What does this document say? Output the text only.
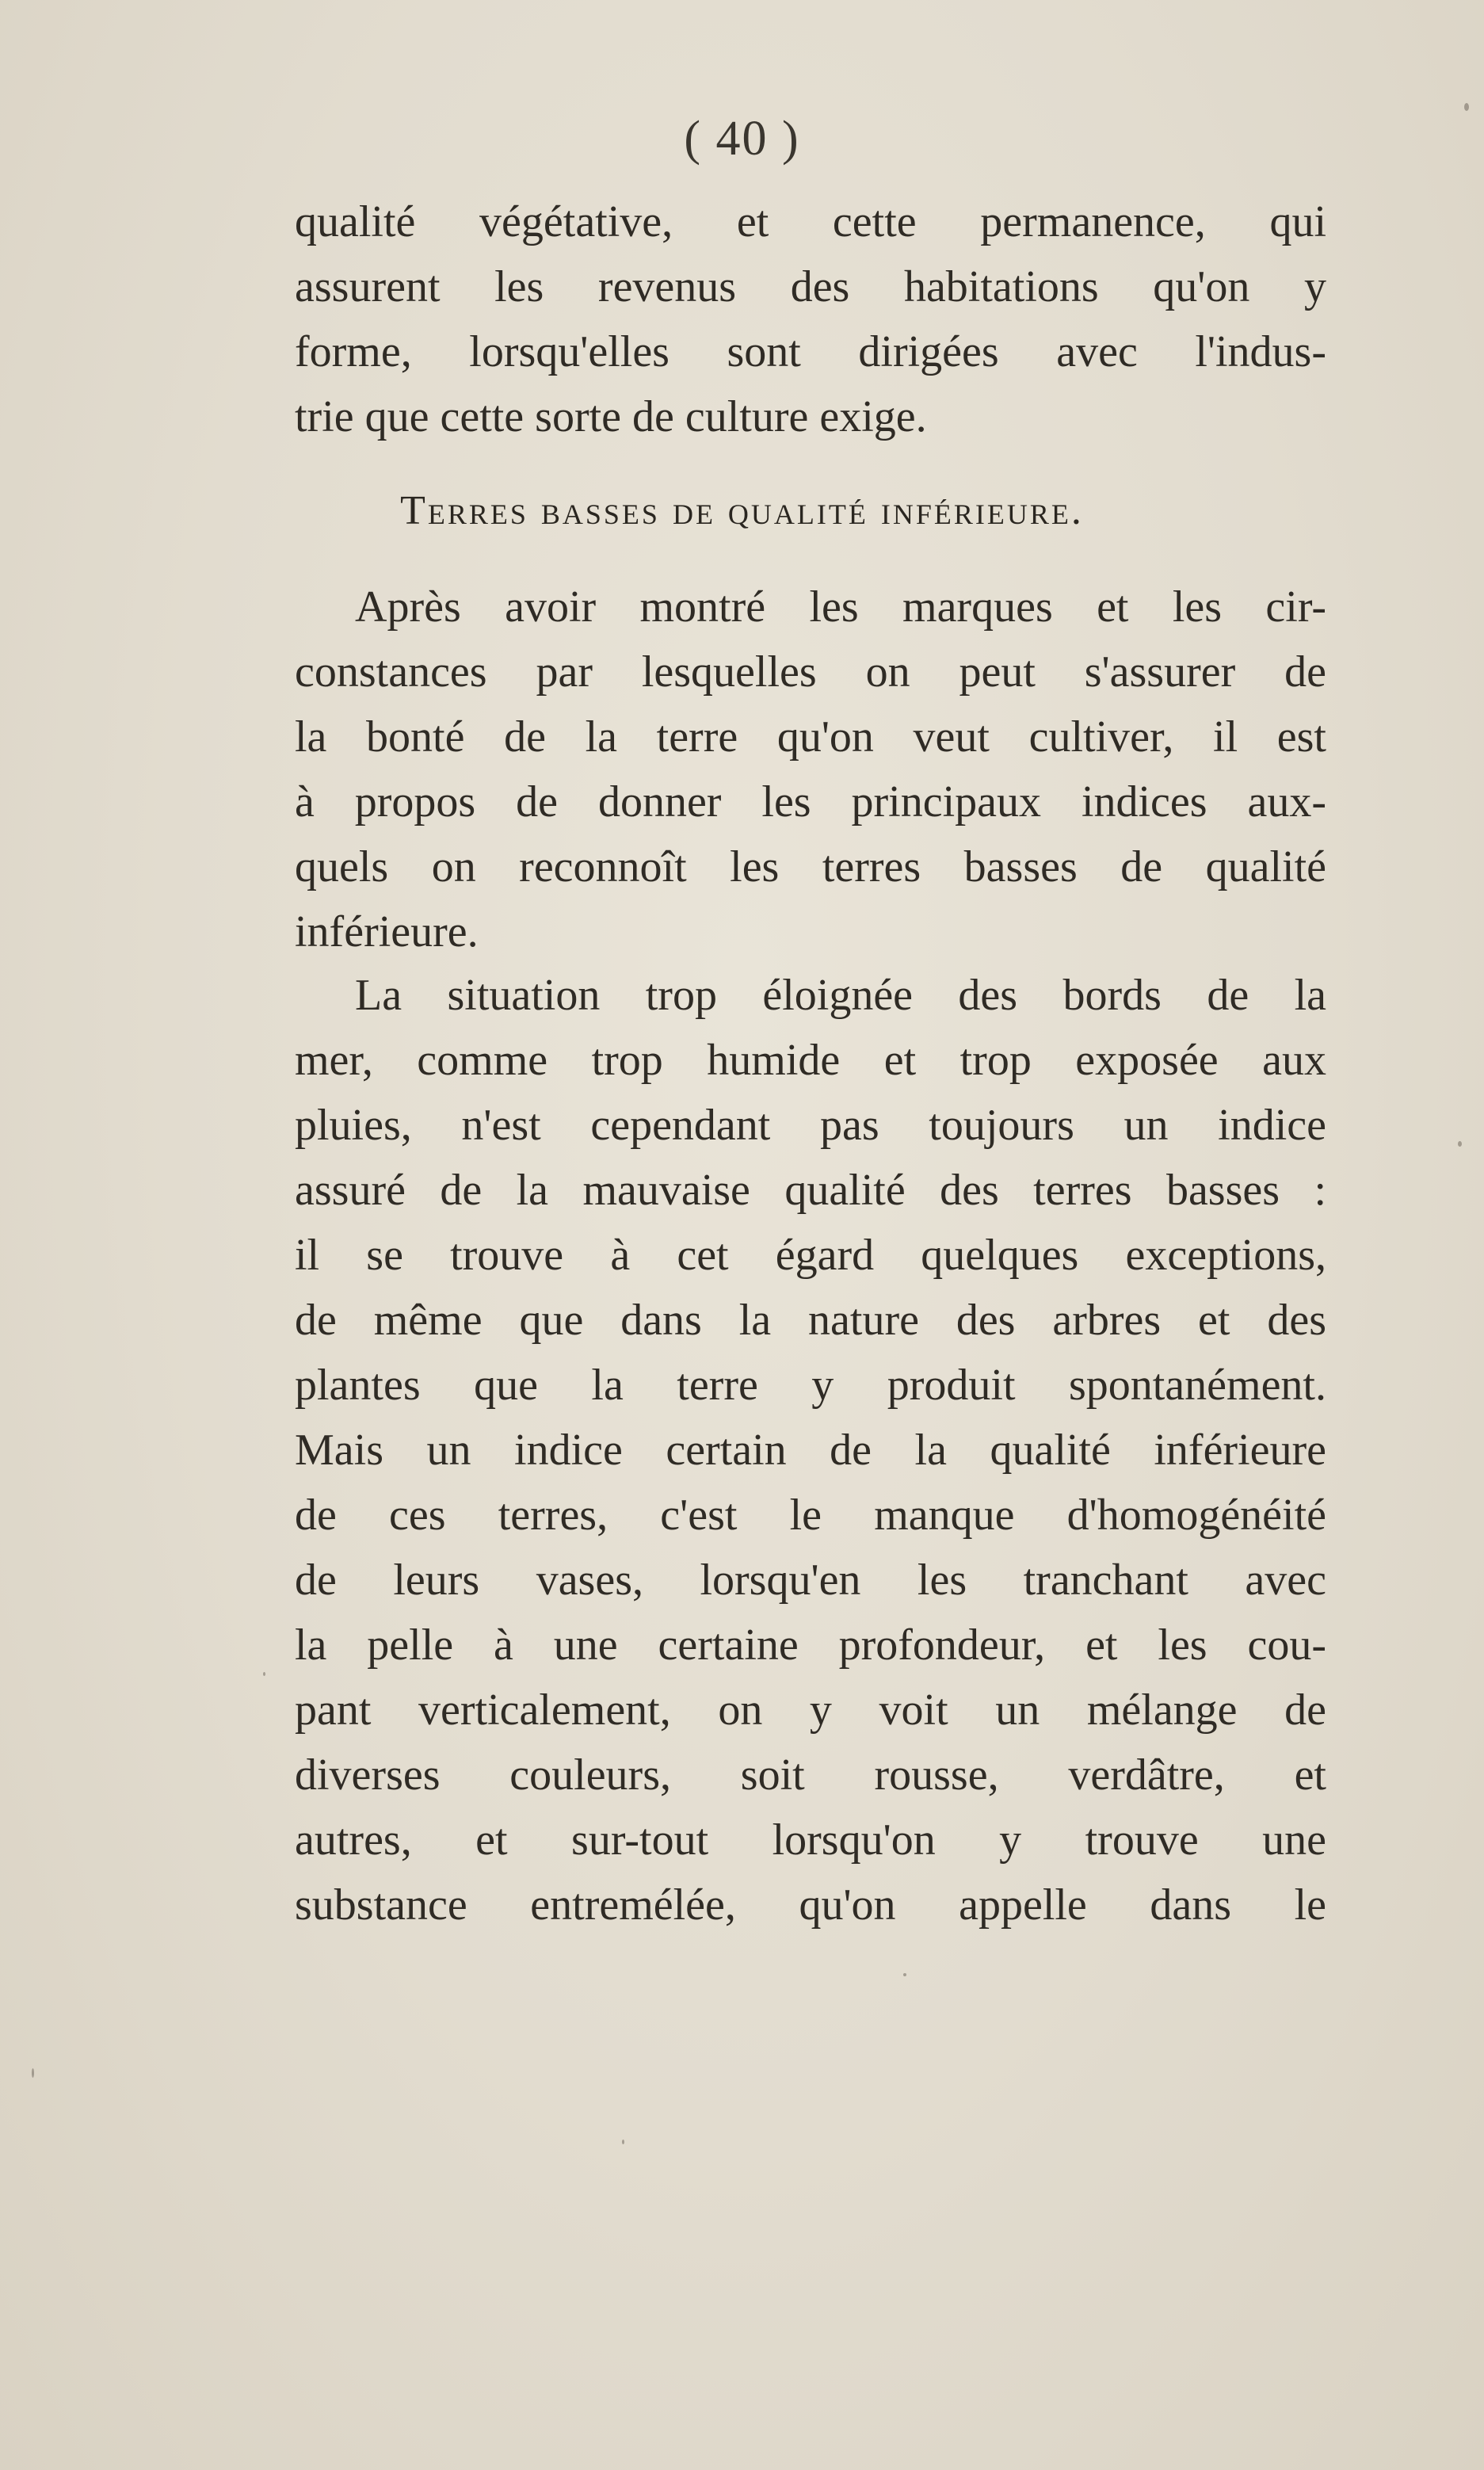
( 40 )
qualité végétative, et cette permanence, qui
assurent les revenus des habitations qu'on y
forme, lorsqu'elles sont dirigées avec l'indus-
trie que cette sorte de culture exige.
Terres basses de qualité inférieure.
Après avoir montré les marques et les cir-
constances par lesquelles on peut s'assurer de
la bonté de la terre qu'on veut cultiver, il est
à propos de donner les principaux indices aux-
quels on reconnoît les terres basses de qualité
inférieure.
La situation trop éloignée des bords de la
mer, comme trop humide et trop exposée aux
pluies, n'est cependant pas toujours un indice
assuré de la mauvaise qualité des terres basses :
il se trouve à cet égard quelques exceptions,
de même que dans la nature des arbres et des
plantes que la terre y produit spontanément.
Mais un indice certain de la qualité inférieure
de ces terres, c'est le manque d'homogénéité
de leurs vases, lorsqu'en les tranchant avec
la pelle à une certaine profondeur, et les cou-
pant verticalement, on y voit un mélange de
diverses couleurs, soit rousse, verdâtre, et
autres, et sur-tout lorsqu'on y trouve une
substance entremélée, qu'on appelle dans le
